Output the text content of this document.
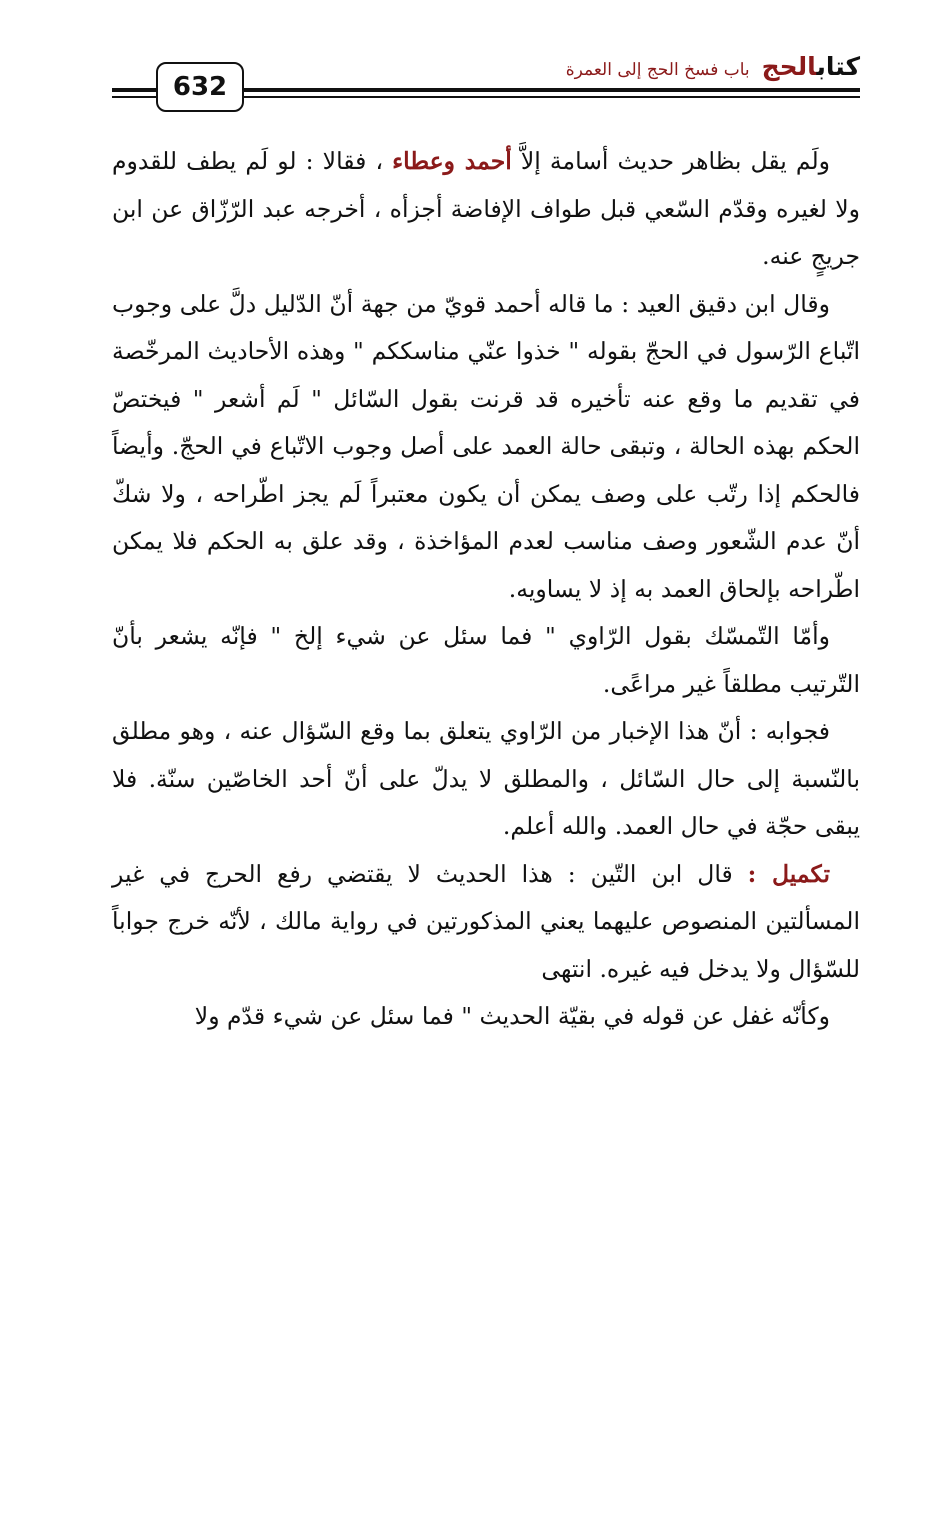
كتابالحج
باب فسخ الحج إلى العمرة
632

ولَم يقل بظاهر حديث أسامة إلاَّ أحمد وعطاء ، فقالا : لو لَم يطف للقدوم ولا لغيره وقدّم السّعي قبل طواف الإفاضة أجزأه ، أخرجه عبد الرّزّاق عن ابن جريجٍ عنه.

وقال ابن دقيق العيد : ما قاله أحمد قويّ من جهة أنّ الدّليل دلَّ على وجوب اتّباع الرّسول في الحجّ بقوله " خذوا عنّي مناسككم " وهذه الأحاديث المرخّصة في تقديم ما وقع عنه تأخيره قد قرنت بقول السّائل " لَم أشعر " فيختصّ الحكم بهذه الحالة ، وتبقى حالة العمد على أصل وجوب الاتّباع في الحجّ. وأيضاً فالحكم إذا رتّب على وصف يمكن أن يكون معتبراً لَم يجز اطّراحه ، ولا شكّ أنّ عدم الشّعور وصف مناسب لعدم المؤاخذة ، وقد علق به الحكم فلا يمكن اطّراحه بإلحاق العمد به إذ لا يساويه.

وأمّا التّمسّك بقول الرّاوي " فما سئل عن شيء إلخ " فإنّه يشعر بأنّ التّرتيب مطلقاً غير مراعًى.

فجوابه : أنّ هذا الإخبار من الرّاوي يتعلق بما وقع السّؤال عنه ، وهو مطلق بالنّسبة إلى حال السّائل ، والمطلق لا يدلّ على أنّ أحد الخاصّين سنّة. فلا يبقى حجّة في حال العمد. والله أعلم.

تكميل : قال ابن التّين : هذا الحديث لا يقتضي رفع الحرج في غير المسألتين المنصوص عليهما يعني المذكورتين في رواية مالك ، لأنّه خرج جواباً للسّؤال ولا يدخل فيه غيره. انتهى

وكأنّه غفل عن قوله في بقيّة الحديث " فما سئل عن شيء قدّم ولا
